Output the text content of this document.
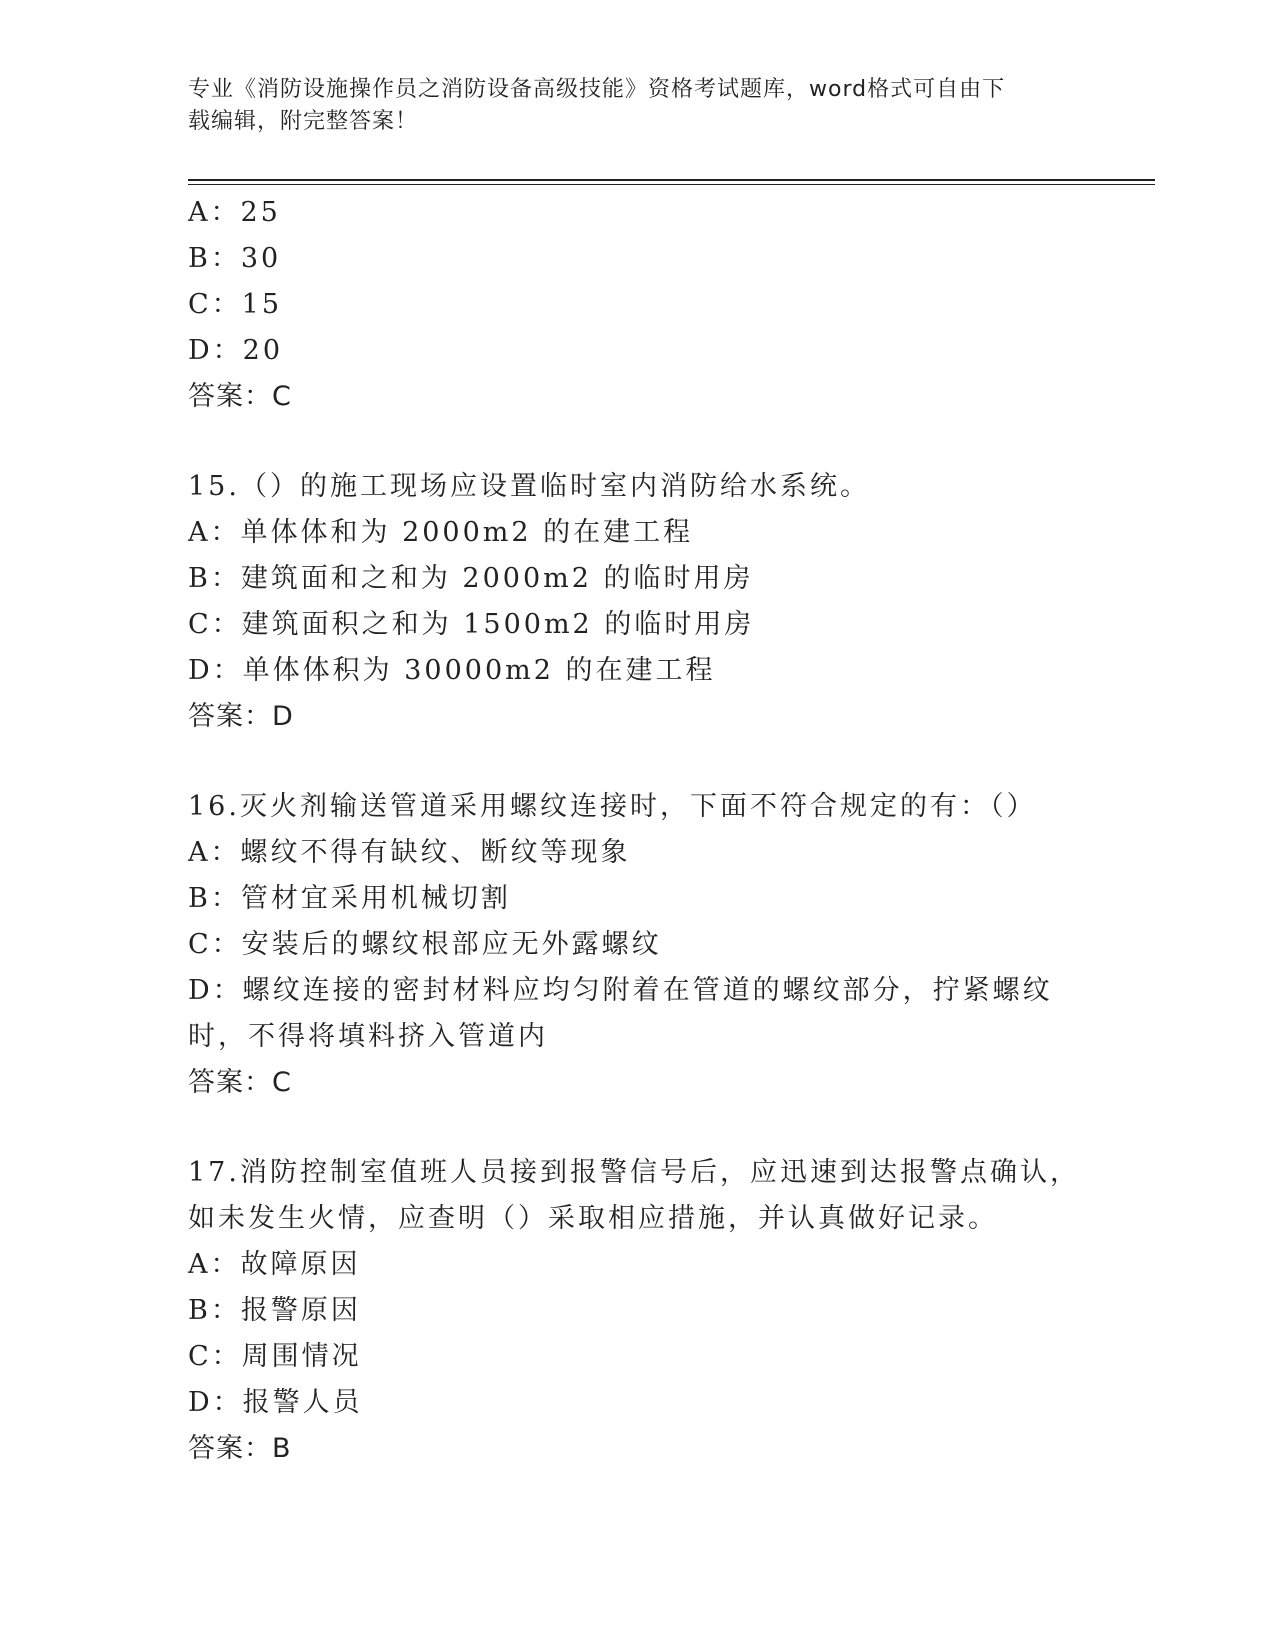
专业《消防设施操作员之消防设备高级技能》资格考试题库，word格式可自由下
载编辑，附完整答案！
A：25
B：30
C：15
D：20
答案：C
15.（）的施工现场应设置临时室内消防给水系统。
A：单体体和为 2000m2 的在建工程
B：建筑面和之和为 2000m2 的临时用房
C：建筑面积之和为 1500m2 的临时用房
D：单体体积为 30000m2 的在建工程
答案：D
16.灭火剂输送管道采用螺纹连接时，下面不符合规定的有：（）
A：螺纹不得有缺纹、断纹等现象
B：管材宜采用机械切割
C：安装后的螺纹根部应无外露螺纹
D：螺纹连接的密封材料应均匀附着在管道的螺纹部分，拧紧螺纹时，不得将填料挤入管道内
答案：C
17.消防控制室值班人员接到报警信号后，应迅速到达报警点确认，如未发生火情，应查明（）采取相应措施，并认真做好记录。
A：故障原因
B：报警原因
C：周围情况
D：报警人员
答案：B
